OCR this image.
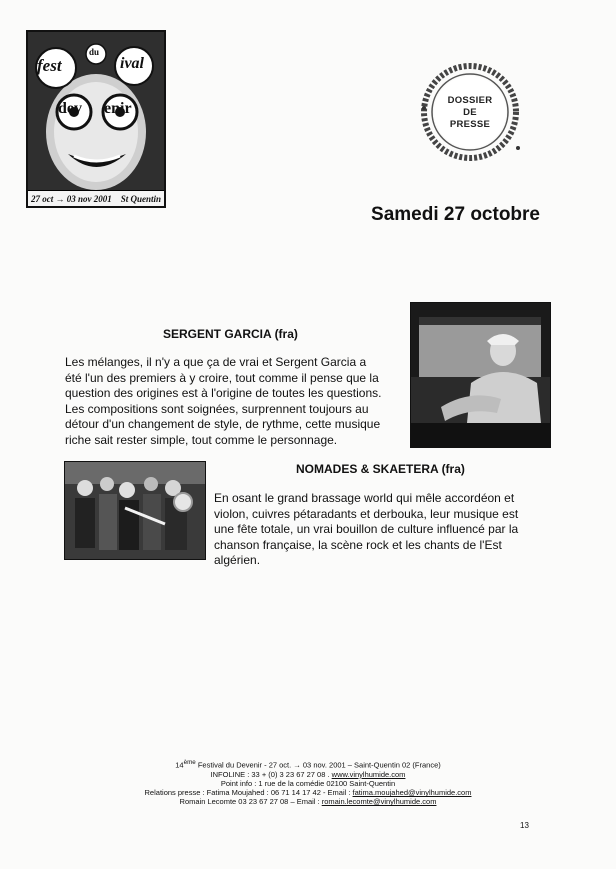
fest	ival
du
dev enir
27 oct → 03 nov 2001 St Quentin
DOSSIER
DE
PRESSE
Samedi 27 octobre
SERGENT GARCIA (fra)
Les mélanges, il n'y a que ça de vrai et Sergent Garcia a
été l'un des premiers à y croire, tout comme il pense que la
question des origines est à l'origine de toutes les questions.
Les compositions sont soignées, surprennent toujours au
détour d'un changement de style, de rythme, cette musique
riche sait rester simple, tout comme le personnage.
NOMADES & SKAETERA (fra)
En osant le grand brassage world qui mêle accordéon et
violon, cuivres pétaradants et derbouka, leur musique est
une fête totale, un vrai bouillon de culture influencé par la
chanson française, la scène rock et les chants de l'Est
algérien.
14ème Festival du Devenir - 27 oct. → 03 nov. 2001 – Saint-Quentin 02 (France)
INFOLINE : 33 + (0) 3 23 67 27 08 . www.vinylhumide.com
Point info : 1 rue de la comédie 02100 Saint-Quentin
Relations presse : Fatima Moujahed : 06 71 14 17 42 - Email : fatima.moujahed@vinylhumide.com
Romain Lecomte 03 23 67 27 08 – Email : romain.lecomte@vinylhumide.com
13
